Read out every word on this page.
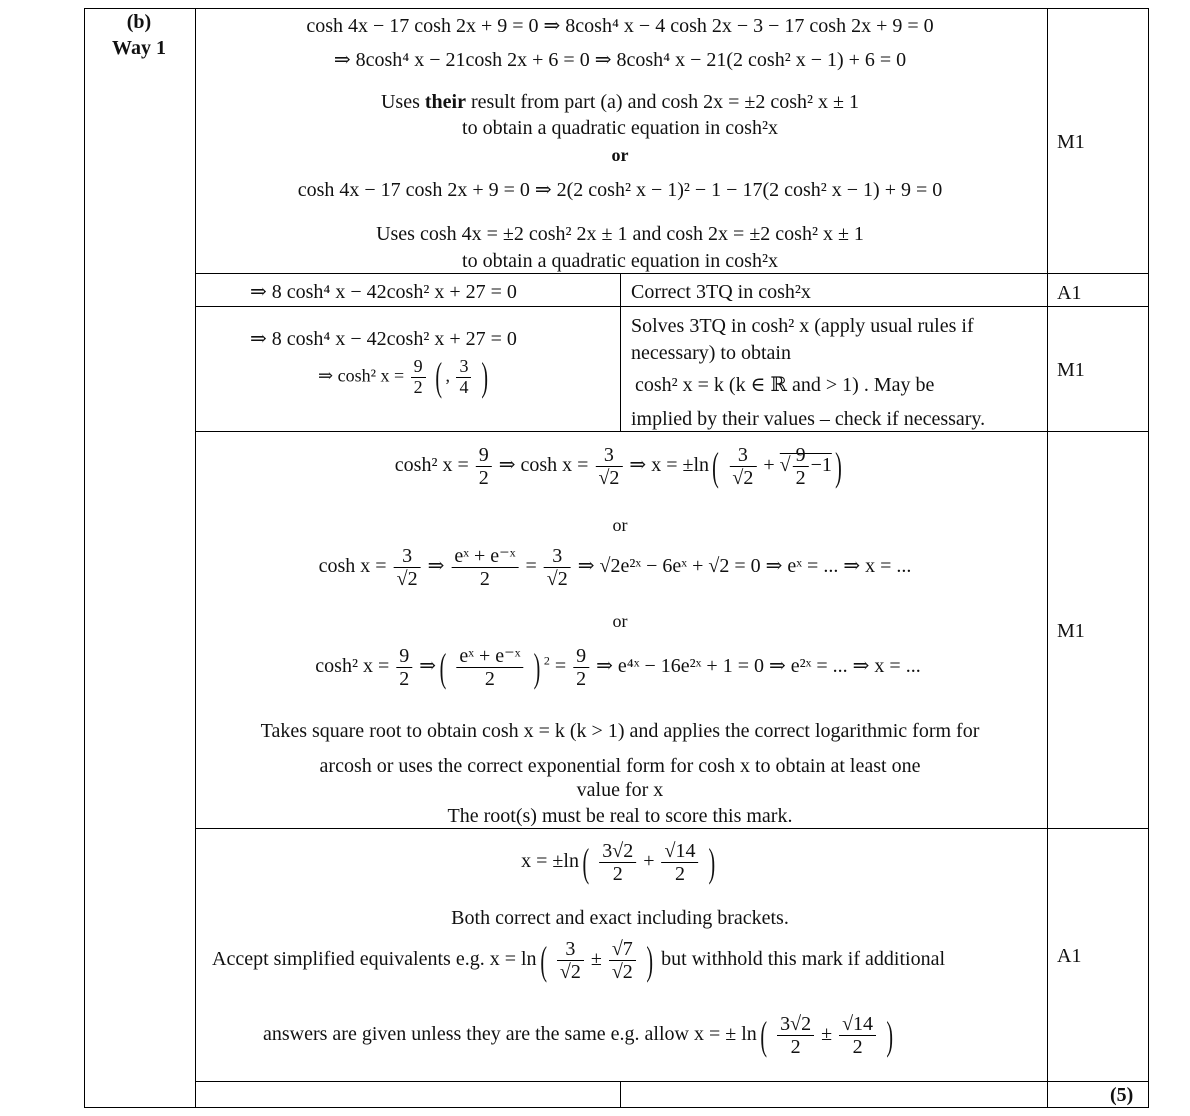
(b)
Way 1
cosh 4x − 17 cosh 2x + 9 = 0 ⇒ 8cosh⁴ x − 4 cosh 2x − 3 − 17 cosh 2x + 9 = 0
⇒ 8cosh⁴ x − 21cosh 2x + 6 = 0 ⇒ 8cosh⁴ x − 21(2 cosh² x − 1) + 6 = 0
Uses their result from part (a) and cosh 2x = ±2 cosh² x ± 1
to obtain a quadratic equation in cosh²x
or
cosh 4x − 17 cosh 2x + 9 = 0 ⇒ 2(2 cosh² x − 1)² − 1 − 17(2 cosh² x − 1) + 9 = 0
Uses cosh 4x = ±2 cosh² 2x ± 1 and cosh 2x = ±2 cosh² x ± 1
to obtain a quadratic equation in cosh²x
M1
⇒ 8 cosh⁴ x − 42cosh² x + 27 = 0	Correct 3TQ in cosh²x	A1
⇒ 8 cosh⁴ x − 42cosh² x + 27 = 0
⇒ cosh² $x = \frac{9}{2}$ ( , $\frac{3}{4}$ )
Solves 3TQ in cosh² x (apply usual rules if
necessary) to obtain
cosh² x = k (k ∈ ℝ and > 1) . May be
implied by their values – check if necessary.
M1
cosh² $x = \frac{9}{2}$ ⇒ $\cosh x = \frac{3}{√2}$ ⇒ $x = \pm\ln( \frac{3}{√2}$ + √ $\frac{9}{2} -1$)
or
$\cosh x = \frac{3}{√2}$ ⇒ $\frac{\text{eˣ + e⁻ˣ}}{2} = \frac{3}{√2}$ ⇒ √2e²ˣ − 6eˣ + √2 = 0 ⇒ eˣ = ... ⇒ x = ...
or
cosh² $x = \frac{9}{2}$ ⇒( $\frac{\text{eˣ + e⁻ˣ}}{2}$ ) $^2 = \frac{9}{2}$ ⇒ e⁴ˣ − 16e²ˣ + 1 = 0 ⇒ e²ˣ = ... ⇒ x = ...
Takes square root to obtain cosh x = k (k > 1) and applies the correct logarithmic form for
arcosh or uses the correct exponential form for cosh x to obtain at least one
value for x
The root(s) must be real to score this mark.
M1
$x = \pm\ln( \frac{3√2}{2} + \frac{√14}{2}$ )
Both correct and exact including brackets.
Accept simplified equivalents e.g. $x = \ln( \frac{3}{√2} \pm \frac{√7}{√2}$ ) but withhold this mark if additional
answers are given unless they are the same e.g. allow x = ± $\ln( \frac{3√2}{2} \pm \frac{√14}{2}$ )
A1
(5)
